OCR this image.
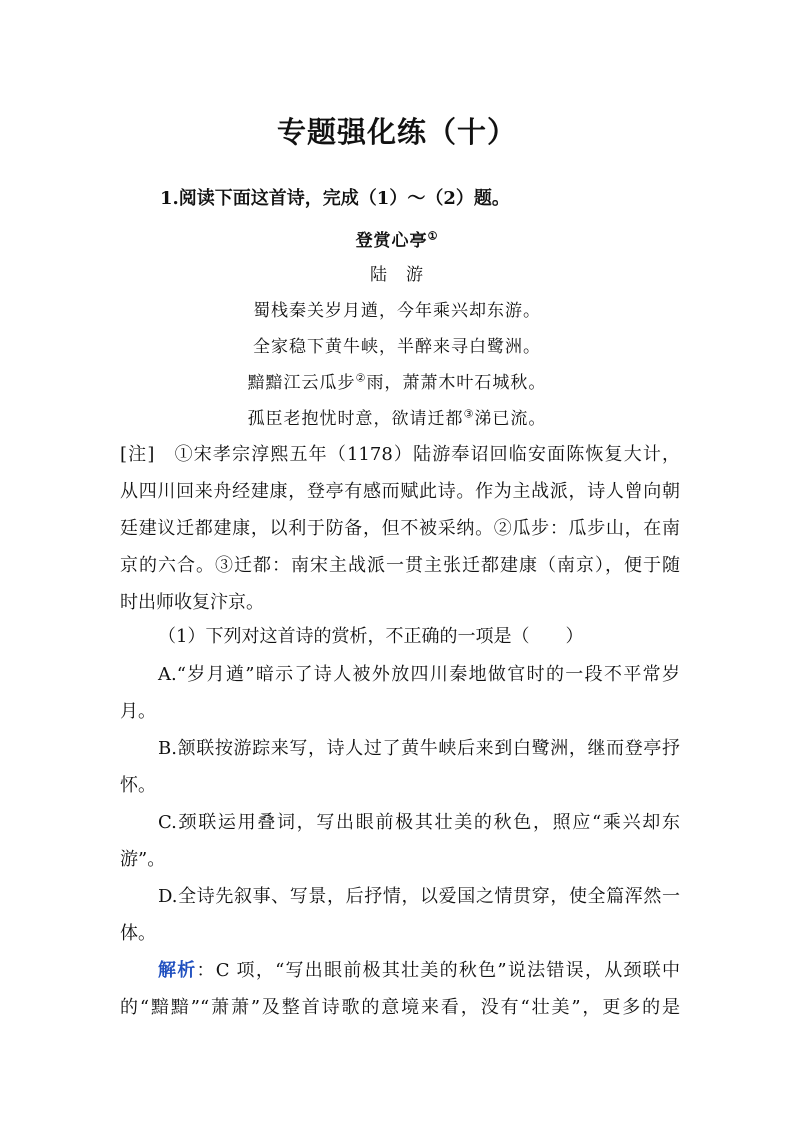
专题强化练（十）
1.阅读下面这首诗，完成（1）～（2）题。
登赏心亭①
陆　游
蜀栈秦关岁月遒，今年乘兴却东游。
全家稳下黄牛峡，半醉来寻白鹭洲。
黯黯江云瓜步②雨，萧萧木叶石城秋。
孤臣老抱忧时意，欲请迁都③涕已流。
[注]　①宋孝宗淳熙五年（1178）陆游奉诏回临安面陈恢复大计，
从四川回来舟经建康，登亭有感而赋此诗。作为主战派，诗人曾向朝
廷建议迁都建康，以利于防备，但不被采纳。②瓜步：瓜步山，在南
京的六合。③迁都：南宋主战派一贯主张迁都建康（南京），便于随
时出师收复汴京。
（1）下列对这首诗的赏析，不正确的一项是（　　）
A.“岁月遒”暗示了诗人被外放四川秦地做官时的一段不平常岁
月。
B.颔联按游踪来写，诗人过了黄牛峡后来到白鹭洲，继而登亭抒
怀。
C.颈联运用叠词，写出眼前极其壮美的秋色，照应“乘兴却东
游”。
D.全诗先叙事、写景，后抒情，以爱国之情贯穿，使全篇浑然一
体。
解析：C 项，“写出眼前极其壮美的秋色”说法错误，从颈联中
的“黯黯”“萧萧”及整首诗歌的意境来看，没有“壮美”，更多的是
